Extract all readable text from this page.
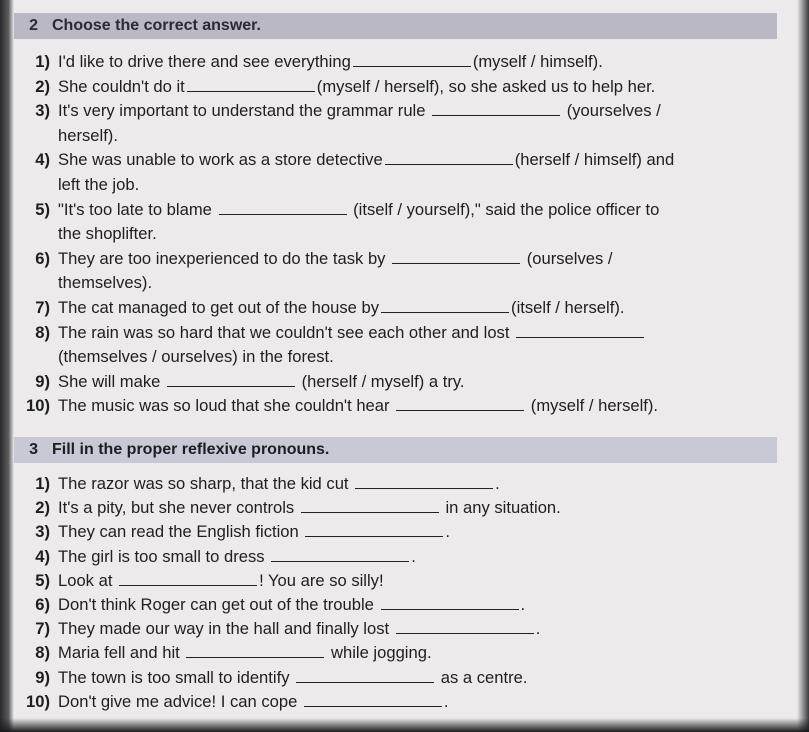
2 Choose the correct answer.
1) I'd like to drive there and see everything	(myself / himself).
2) She couldn't do it	(myself / herself), so she asked us to help her.
3) It's very important to understand the grammar rule	(yourselves /
herself).
4) She was unable to work as a store detective	(herself / himself) and
left the job.
5) "It's too late to blame	(itself / yourself)," said the police officer to
the shoplifter.
6) They are too inexperienced to do the task by	(ourselves /
themselves).
7) The cat managed to get out of the house by	(itself / herself).
8) The rain was so hard that we couldn't see each other and lost
(themselves / ourselves) in the forest.
9) She will make	(herself / myself) a try.
10) The music was so loud that she couldn't hear	(myself / herself).
3 Fill in the proper reflexive pronouns.
1) The razor was so sharp, that the kid cut	.
2) It's a pity, but she never controls	in any situation.
3) They can read the English fiction	.
4) The girl is too small to dress	.
5) Look at	! You are so silly!
6) Don't think Roger can get out of the trouble	.
7) They made our way in the hall and finally lost	.
8) Maria fell and hit	while jogging.
9) The town is too small to identify	as a centre.
10) Don't give me advice! I can cope	.
